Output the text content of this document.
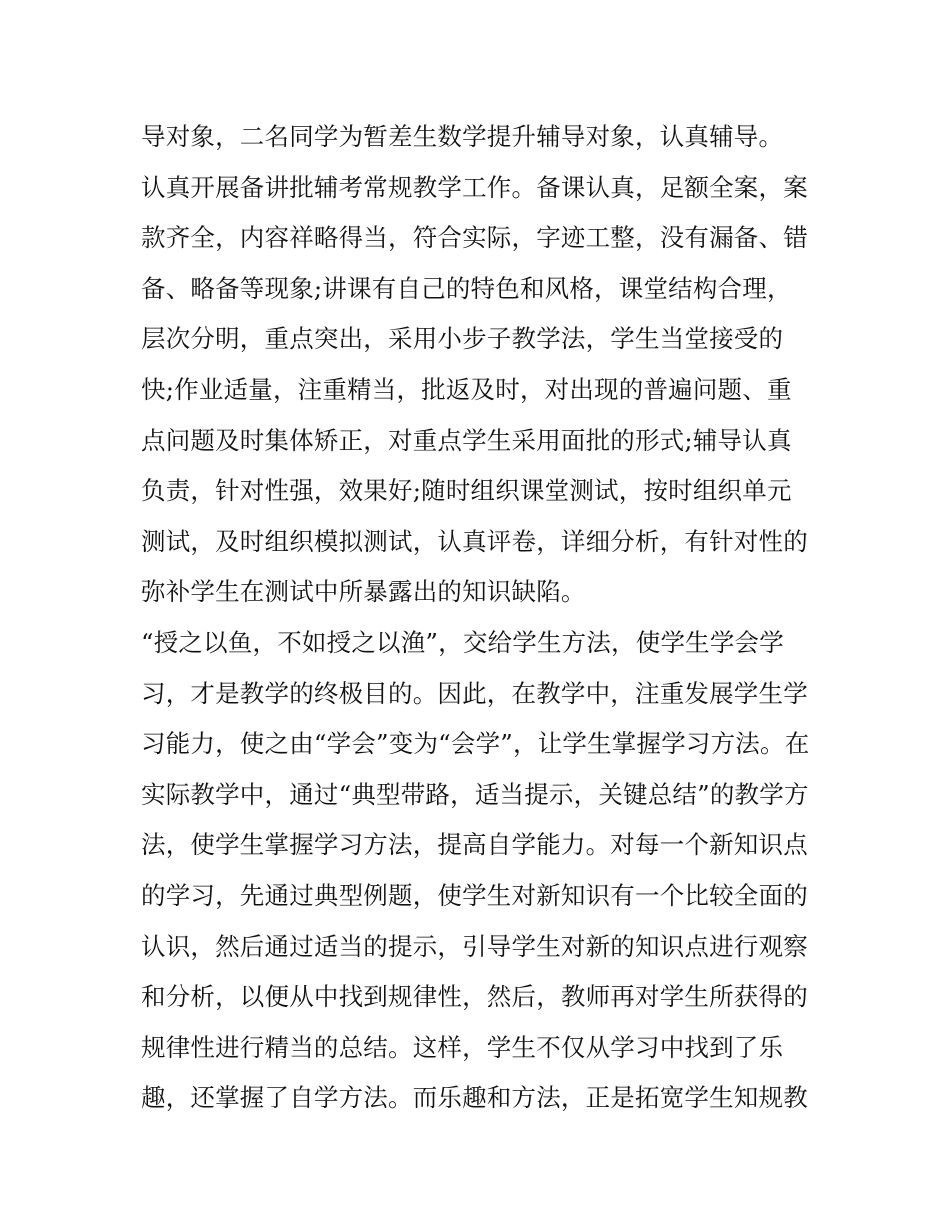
导对象，二名同学为暂差生数学提升辅导对象，认真辅导。
认真开展备讲批辅考常规教学工作。备课认真，足额全案，案
款齐全，内容祥略得当，符合实际，字迹工整，没有漏备、错
备、略备等现象;讲课有自己的特色和风格，课堂结构合理，
层次分明，重点突出，采用小步子教学法，学生当堂接受的
快;作业适量，注重精当，批返及时，对出现的普遍问题、重
点问题及时集体矫正，对重点学生采用面批的形式;辅导认真
负责，针对性强，效果好;随时组织课堂测试，按时组织单元
测试，及时组织模拟测试，认真评卷，详细分析，有针对性的
弥补学生在测试中所暴露出的知识缺陷。
“授之以鱼，不如授之以渔”，交给学生方法，使学生学会学
习，才是教学的终极目的。因此，在教学中，注重发展学生学
习能力，使之由“学会”变为“会学”，让学生掌握学习方法。在
实际教学中，通过“典型带路，适当提示，关键总结”的教学方
法，使学生掌握学习方法，提高自学能力。对每一个新知识点
的学习，先通过典型例题，使学生对新知识有一个比较全面的
认识，然后通过适当的提示，引导学生对新的知识点进行观察
和分析，以便从中找到规律性，然后，教师再对学生所获得的
规律性进行精当的总结。这样，学生不仅从学习中找到了乐
趣，还掌握了自学方法。而乐趣和方法，正是拓宽学生知规教
